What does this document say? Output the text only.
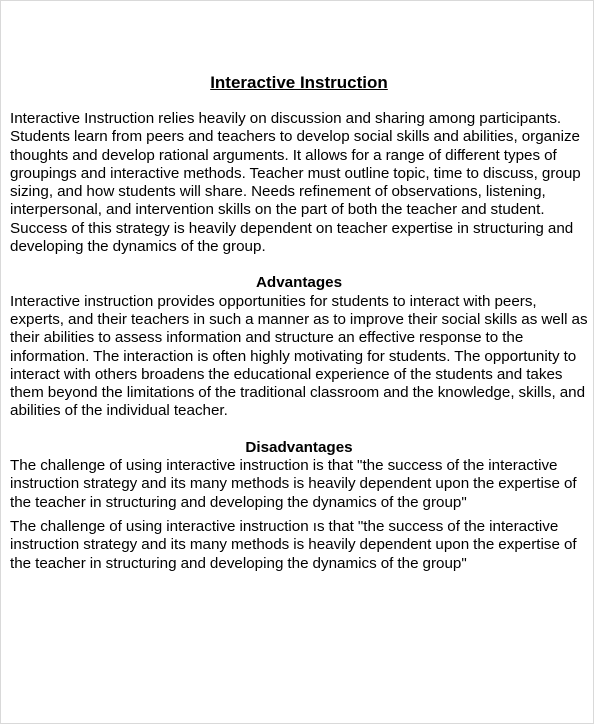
Interactive Instruction

Interactive Instruction relies heavily on discussion and sharing among participants. Students learn from peers and teachers to develop social skills and abilities, organize thoughts and develop rational arguments. It allows for a range of different types of groupings and interactive methods. Teacher must outline topic, time to discuss, group sizing, and how students will share. Needs refinement of observations, listening, interpersonal, and intervention skills on the part of both the teacher and student. Success of this strategy is heavily dependent on teacher expertise in structuring and developing the dynamics of the group.

Advantages

Interactive instruction provides opportunities for students to interact with peers, experts, and their teachers in such a manner as to improve their social skills as well as their abilities to assess information and structure an effective response to the information. The interaction is often highly motivating for students. The opportunity to interact with others broadens the educational experience of the students and takes them beyond the limitations of the traditional classroom and the knowledge, skills, and abilities of the individual teacher.

Disadvantages

The challenge of using interactive instruction is that "the success of the interactive instruction strategy and its many methods is heavily dependent upon the expertise of the teacher in structuring and developing the dynamics of the group"

The challenge of using interactive instruction ıs that "the success of the interactive instruction strategy and its many methods is heavily dependent upon the expertise of the teacher in structuring and developing the dynamics of the group"
